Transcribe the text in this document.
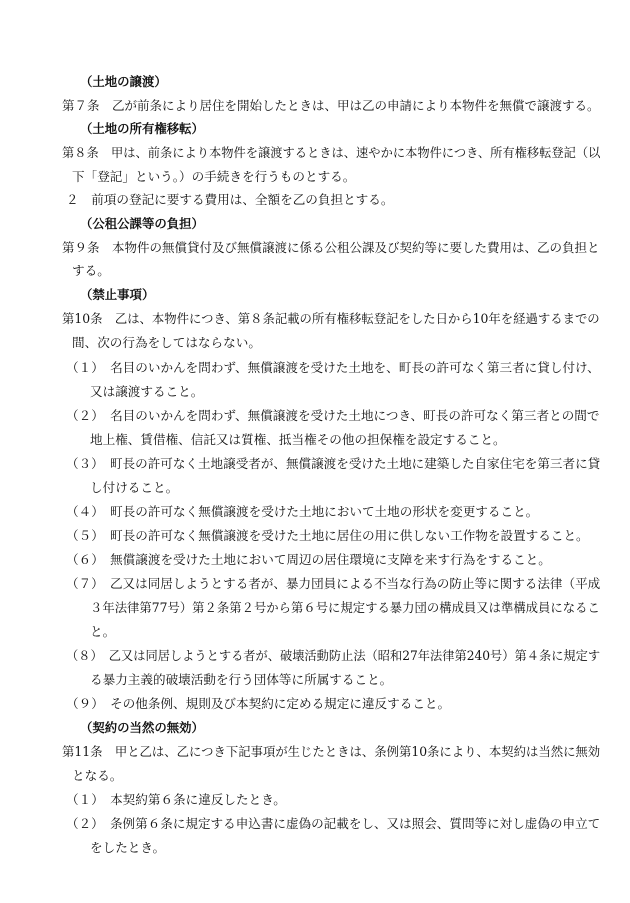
（土地の譲渡）
第７条　乙が前条により居住を開始したときは、甲は乙の申請により本物件を無償で譲渡する。
（土地の所有権移転）
第８条　甲は、前条により本物件を譲渡するときは、速やかに本物件につき、所有権移転登記（以
下「登記」という。）の手続きを行うものとする。
２　前項の登記に要する費用は、全額を乙の負担とする。
（公租公課等の負担）
第９条　本物件の無償貸付及び無償譲渡に係る公租公課及び契約等に要した費用は、乙の負担と
する。
（禁止事項）
第10条　乙は、本物件につき、第８条記載の所有権移転登記をした日から10年を経過するまでの
間、次の行為をしてはならない。
（１）　名目のいかんを問わず、無償譲渡を受けた土地を、町長の許可なく第三者に貸し付け、
又は譲渡すること。
（２）　名目のいかんを問わず、無償譲渡を受けた土地につき、町長の許可なく第三者との間で
地上権、賃借権、信託又は質権、抵当権その他の担保権を設定すること。
（３）　町長の許可なく土地譲受者が、無償譲渡を受けた土地に建築した自家住宅を第三者に貸
し付けること。
（４）　町長の許可なく無償譲渡を受けた土地において土地の形状を変更すること。
（５）　町長の許可なく無償譲渡を受けた土地に居住の用に供しない工作物を設置すること。
（６）　無償譲渡を受けた土地において周辺の居住環境に支障を来す行為をすること。
（７）　乙又は同居しようとする者が、暴力団員による不当な行為の防止等に関する法律（平成
３年法律第77号）第２条第２号から第６号に規定する暴力団の構成員又は準構成員になるこ
と。
（８）　乙又は同居しようとする者が、破壊活動防止法（昭和27年法律第240号）第４条に規定す
る暴力主義的破壊活動を行う団体等に所属すること。
（９）　その他条例、規則及び本契約に定める規定に違反すること。
（契約の当然の無効）
第11条　甲と乙は、乙につき下記事項が生じたときは、条例第10条により、本契約は当然に無効
となる。
（１）　本契約第６条に違反したとき。
（２）　条例第６条に規定する申込書に虚偽の記載をし、又は照会、質問等に対し虚偽の申立て
をしたとき。
